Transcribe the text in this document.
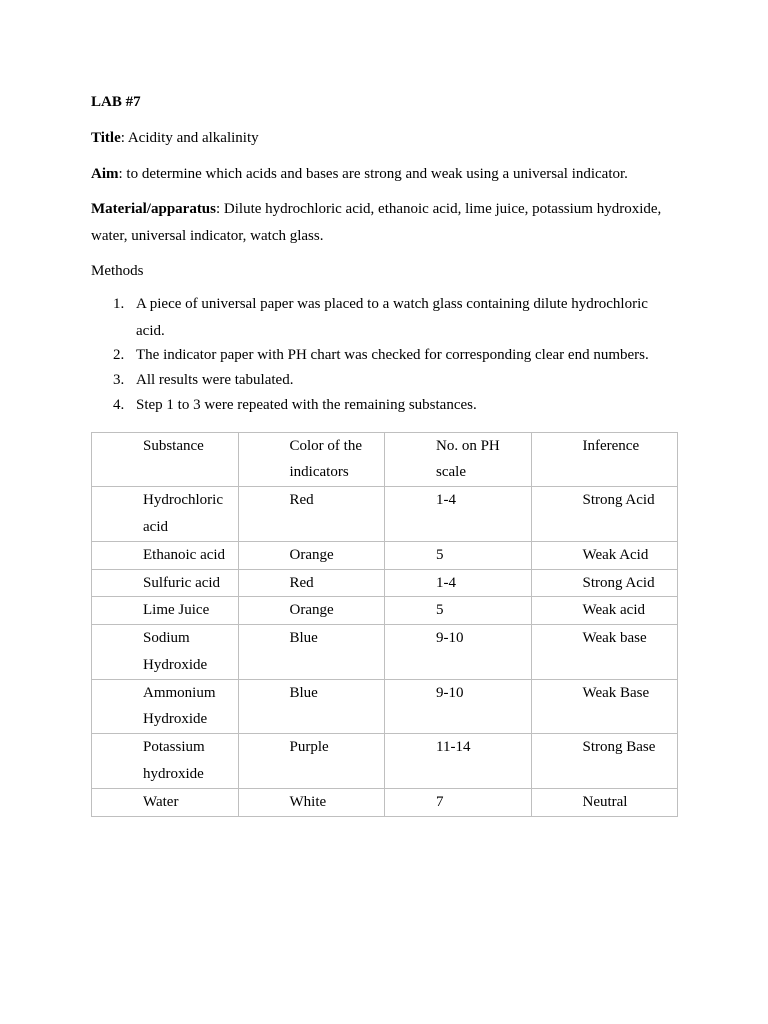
LAB #7
Title: Acidity and alkalinity
Aim: to determine which acids and bases are strong and weak using a universal indicator.
Material/apparatus: Dilute hydrochloric acid, ethanoic acid, lime juice, potassium hydroxide, water, universal indicator, watch glass.
Methods
1. A piece of universal paper was placed to a watch glass containing dilute hydrochloric acid.
2. The indicator paper with PH chart was checked for corresponding clear end numbers.
3. All results were tabulated.
4. Step 1 to 3 were repeated with the remaining substances.
Substance	Color of the indicators	No. on PH scale	Inference
Hydrochloric acid	Red	1-4	Strong Acid
Ethanoic acid	Orange	5	Weak Acid
Sulfuric acid	Red	1-4	Strong Acid
Lime Juice	Orange	5	Weak acid
Sodium Hydroxide	Blue	9-10	Weak base
Ammonium Hydroxide	Blue	9-10	Weak Base
Potassium hydroxide	Purple	11-14	Strong Base
Water	White	7	Neutral
